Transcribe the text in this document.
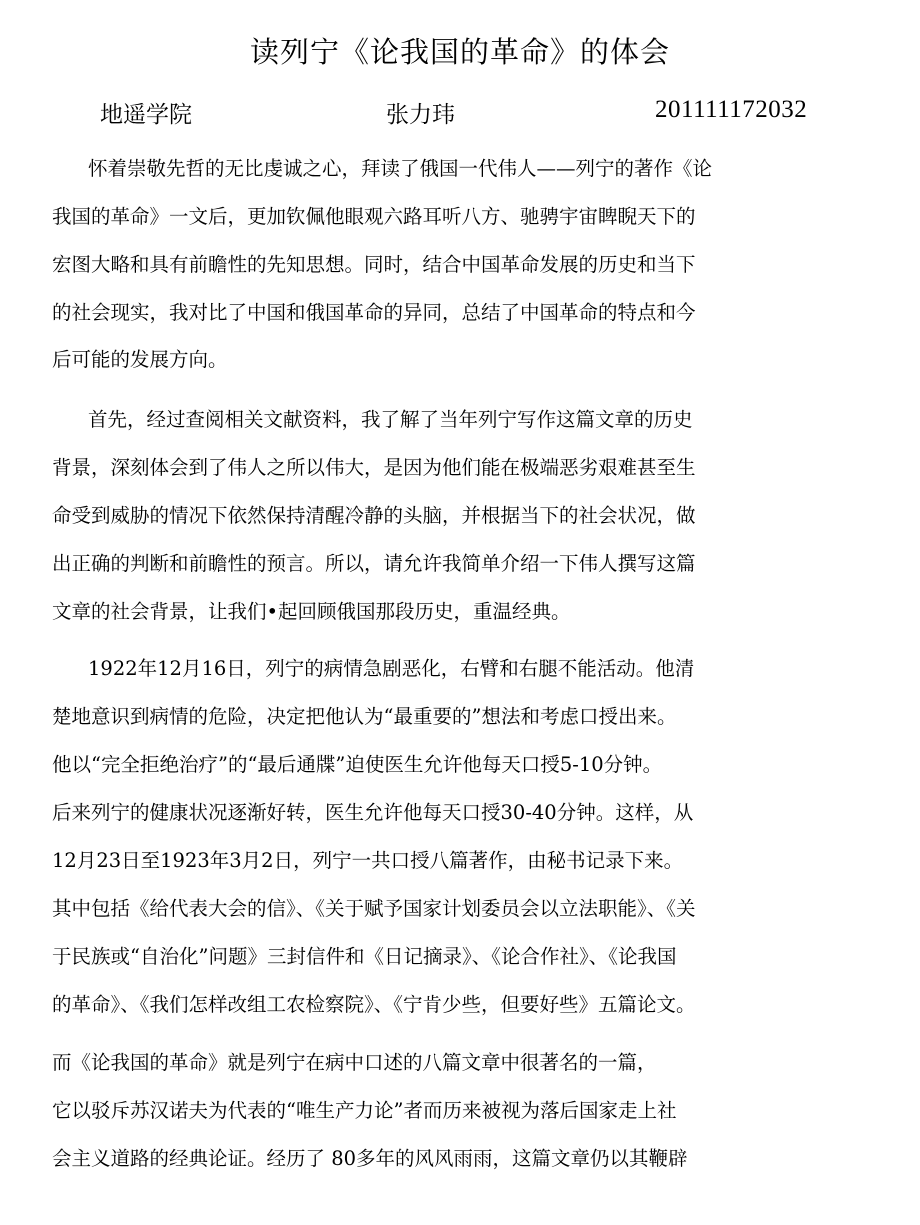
读列宁《论我国的革命》的体会
地遥学院	张力玮	201111172032
怀着崇敬先哲的无比虔诚之心，拜读了俄国一代伟人——列宁的著作《论
我国的革命》一文后，更加钦佩他眼观六路耳听八方、驰骋宇宙睥睨天下的
宏图大略和具有前瞻性的先知思想。同时，结合中国革命发展的历史和当下
的社会现实，我对比了中国和俄国革命的异同，总结了中国革命的特点和今
后可能的发展方向。
首先，经过查阅相关文献资料，我了解了当年列宁写作这篇文章的历史
背景，深刻体会到了伟人之所以伟大，是因为他们能在极端恶劣艰难甚至生
命受到威胁的情况下依然保持清醒冷静的头脑，并根据当下的社会状况，做
出正确的判断和前瞻性的预言。所以，请允许我简单介绍一下伟人撰写这篇
文章的社会背景，让我们•起回顾俄国那段历史，重温经典。
1922年12月16日，列宁的病情急剧恶化，右臂和右腿不能活动。他清
楚地意识到病情的危险，决定把他认为“最重要的”想法和考虑口授出来。
他以“完全拒绝治疗”的“最后通牒”迫使医生允许他每天口授5-10分钟。
后来列宁的健康状况逐渐好转，医生允许他每天口授30-40分钟。这样，从
12月23日至1923年3月2日，列宁一共口授八篇著作，由秘书记录下来。
其中包括《给代表大会的信》、《关于赋予国家计划委员会以立法职能》、《关
于民族或“自治化”问题》三封信件和《日记摘录》、《论合作社》、《论我国
的革命》、《我们怎样改组工农检察院》、《宁肯少些，但要好些》五篇论文。
而《论我国的革命》就是列宁在病中口述的八篇文章中很著名的一篇，
它以驳斥苏汉诺夫为代表的“唯生产力论”者而历来被视为落后国家走上社
会主义道路的经典论证。经历了 80多年的风风雨雨，这篇文章仍以其鞭辟
